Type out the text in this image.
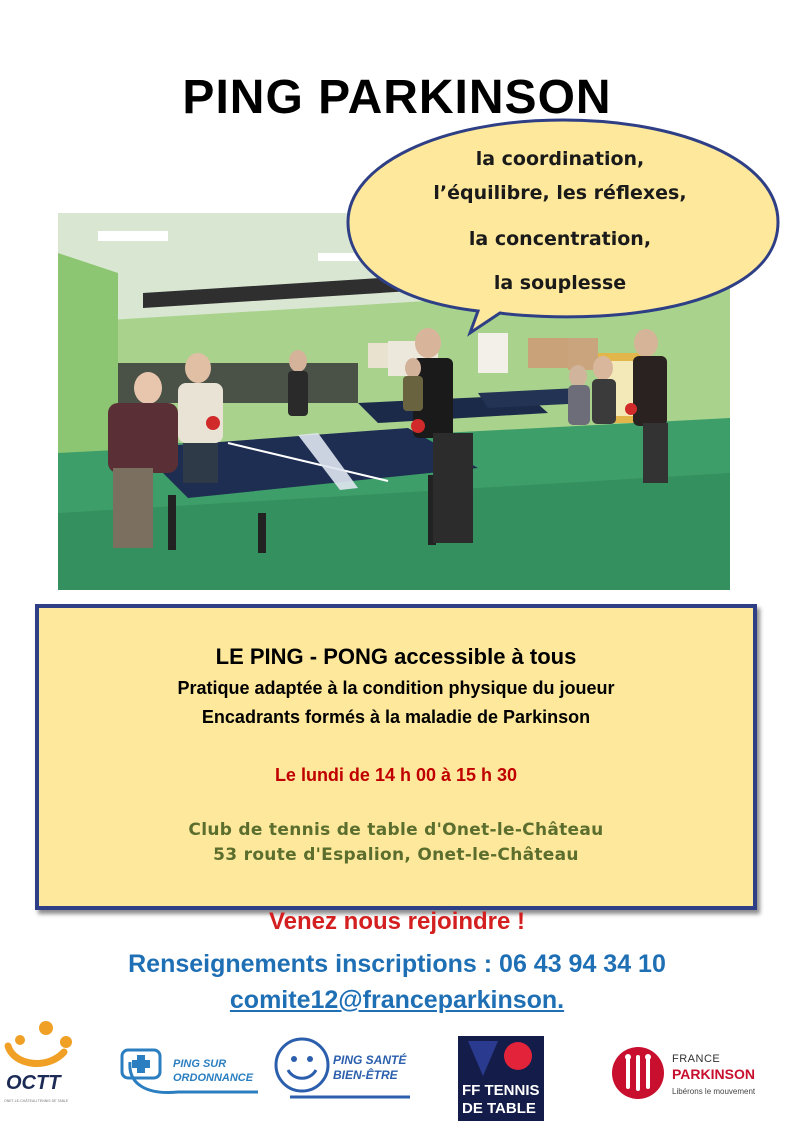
PING PARKINSON
la coordination,
l’équilibre, les réflexes,
la concentration,
la souplesse
LE PING - PONG accessible à tous
Pratique adaptée à la condition physique du joueur
Encadrants formés à la maladie de Parkinson
Le lundi de 14 h 00 à 15 h 30
Club de tennis de table d'Onet-le-Château
53 route d'Espalion, Onet-le-Château
Venez nous rejoindre !
Renseignements inscriptions : 06 43 94 34 10
comite12@franceparkinson.
OCTT
ONET-LE-CHÂTEAU TENNIS DE TABLE
PING SUR
ORDONNANCE
PING SANTÉ
BIEN-ÊTRE
FF TENNIS
DE TABLE
FRANCE
PARKINSON
Libérons le mouvement
